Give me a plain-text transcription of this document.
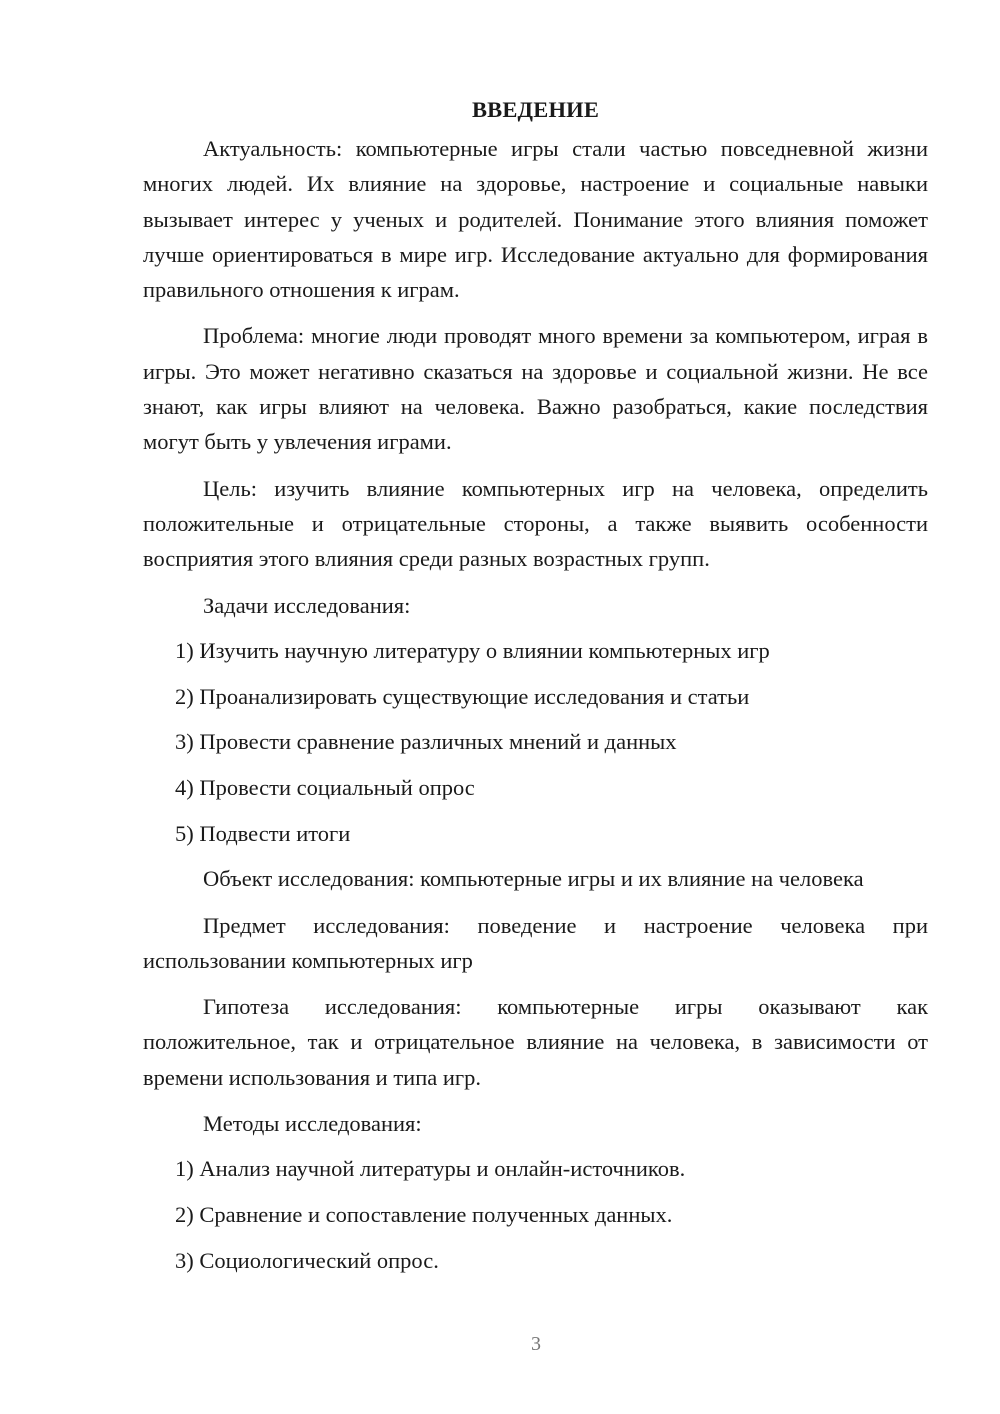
ВВЕДЕНИЕ

Актуальность: компьютерные игры стали частью повседневной жизни многих людей. Их влияние на здоровье, настроение и социальные навыки вызывает интерес у ученых и родителей. Понимание этого влияния поможет лучше ориентироваться в мире игр. Исследование актуально для формирования правильного отношения к играм.

Проблема: многие люди проводят много времени за компьютером, играя в игры. Это может негативно сказаться на здоровье и социальной жизни. Не все знают, как игры влияют на человека. Важно разобраться, какие последствия могут быть у увлечения играми.

Цель: изучить влияние компьютерных игр на человека, определить положительные и отрицательные стороны, а также выявить особенности восприятия этого влияния среди разных возрастных групп.

Задачи исследования:

1) Изучить научную литературу о влиянии компьютерных игр

2) Проанализировать существующие исследования и статьи

3) Провести сравнение различных мнений и данных

4) Провести социальный опрос

5) Подвести итоги

Объект исследования: компьютерные игры и их влияние на человека

Предмет исследования: поведение и настроение человека при использовании компьютерных игр

Гипотеза исследования: компьютерные игры оказывают как положительное, так и отрицательное влияние на человека, в зависимости от времени использования и типа игр.

Методы исследования:

1) Анализ научной литературы и онлайн-источников.

2) Сравнение и сопоставление полученных данных.

3) Социологический опрос.

3
